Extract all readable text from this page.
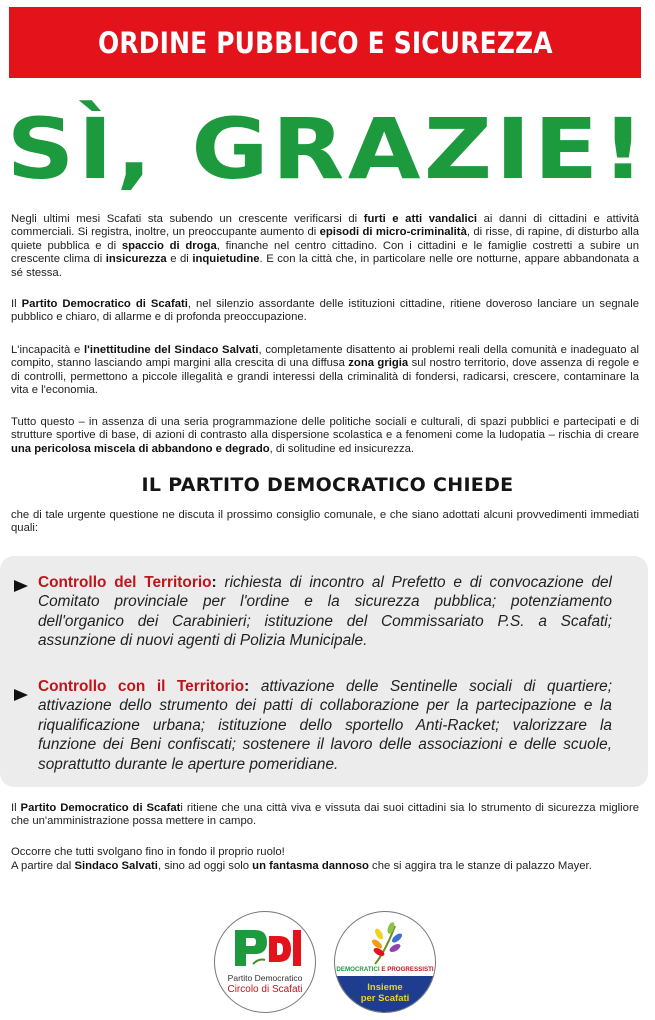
ORDINE PUBBLICO E SICUREZZA
SÌ, GRAZIE!
Negli ultimi mesi Scafati sta subendo un crescente verificarsi di furti e atti vandalici ai danni di cittadini e attività commerciali. Si registra, inoltre, un preoccupante aumento di episodi di micro-criminalità, di risse, di rapine, di disturbo alla quiete pubblica e di spaccio di droga, finanche nel centro cittadino. Con i cittadini e le famiglie costretti a subire un crescente clima di insicurezza e di inquietudine. E con la città che, in particolare nelle ore notturne, appare abbandonata a sé stessa.
Il Partito Democratico di Scafati, nel silenzio assordante delle istituzioni cittadine, ritiene doveroso lanciare un segnale pubblico e chiaro, di allarme e di profonda preoccupazione.
L'incapacità e l'inettitudine del Sindaco Salvati, completamente disattento ai problemi reali della comunità e inadeguato al compito, stanno lasciando ampi margini alla crescita di una diffusa zona grigia sul nostro territorio, dove assenza di regole e di controlli, permettono a piccole illegalità e grandi interessi della criminalità di fondersi, radicarsi, crescere, contaminare la vita e l'economia.
Tutto questo – in assenza di una seria programmazione delle politiche sociali e culturali, di spazi pubblici e partecipati e di strutture sportive di base, di azioni di contrasto alla dispersione scolastica e a fenomeni come la ludopatia – rischia di creare una pericolosa miscela di abbandono e degrado, di solitudine ed insicurezza.
IL PARTITO DEMOCRATICO CHIEDE
che di tale urgente questione ne discuta il prossimo consiglio comunale, e che siano adottati alcuni provvedimenti immediati quali:
Controllo del Territorio: richiesta di incontro al Prefetto e di convocazione del Comitato provinciale per l'ordine e la sicurezza pubblica; potenziamento dell'organico dei Carabinieri; istituzione del Commissariato P.S. a Scafati; assunzione di nuovi agenti di Polizia Municipale.
Controllo con il Territorio: attivazione delle Sentinelle sociali di quartiere; attivazione dello strumento dei patti di collaborazione per la partecipazione e la riqualificazione urbana; istituzione dello sportello Anti-Racket; valorizzare la funzione dei Beni confiscati; sostenere il lavoro delle associazioni e delle scuole, soprattutto durante le aperture pomeridiane.
Il Partito Democratico di Scafati ritiene che una città viva e vissuta dai suoi cittadini sia lo strumento di sicurezza migliore che un'amministrazione possa mettere in campo.
Occorre che tutti svolgano fino in fondo il proprio ruolo!
A partire dal Sindaco Salvati, sino ad oggi solo un fantasma dannoso che si aggira tra le stanze di palazzo Mayer.
Partito Democratico
Circolo di Scafati
DEMOCRATICI E PROGRESSISTI
Insieme
per Scafati
